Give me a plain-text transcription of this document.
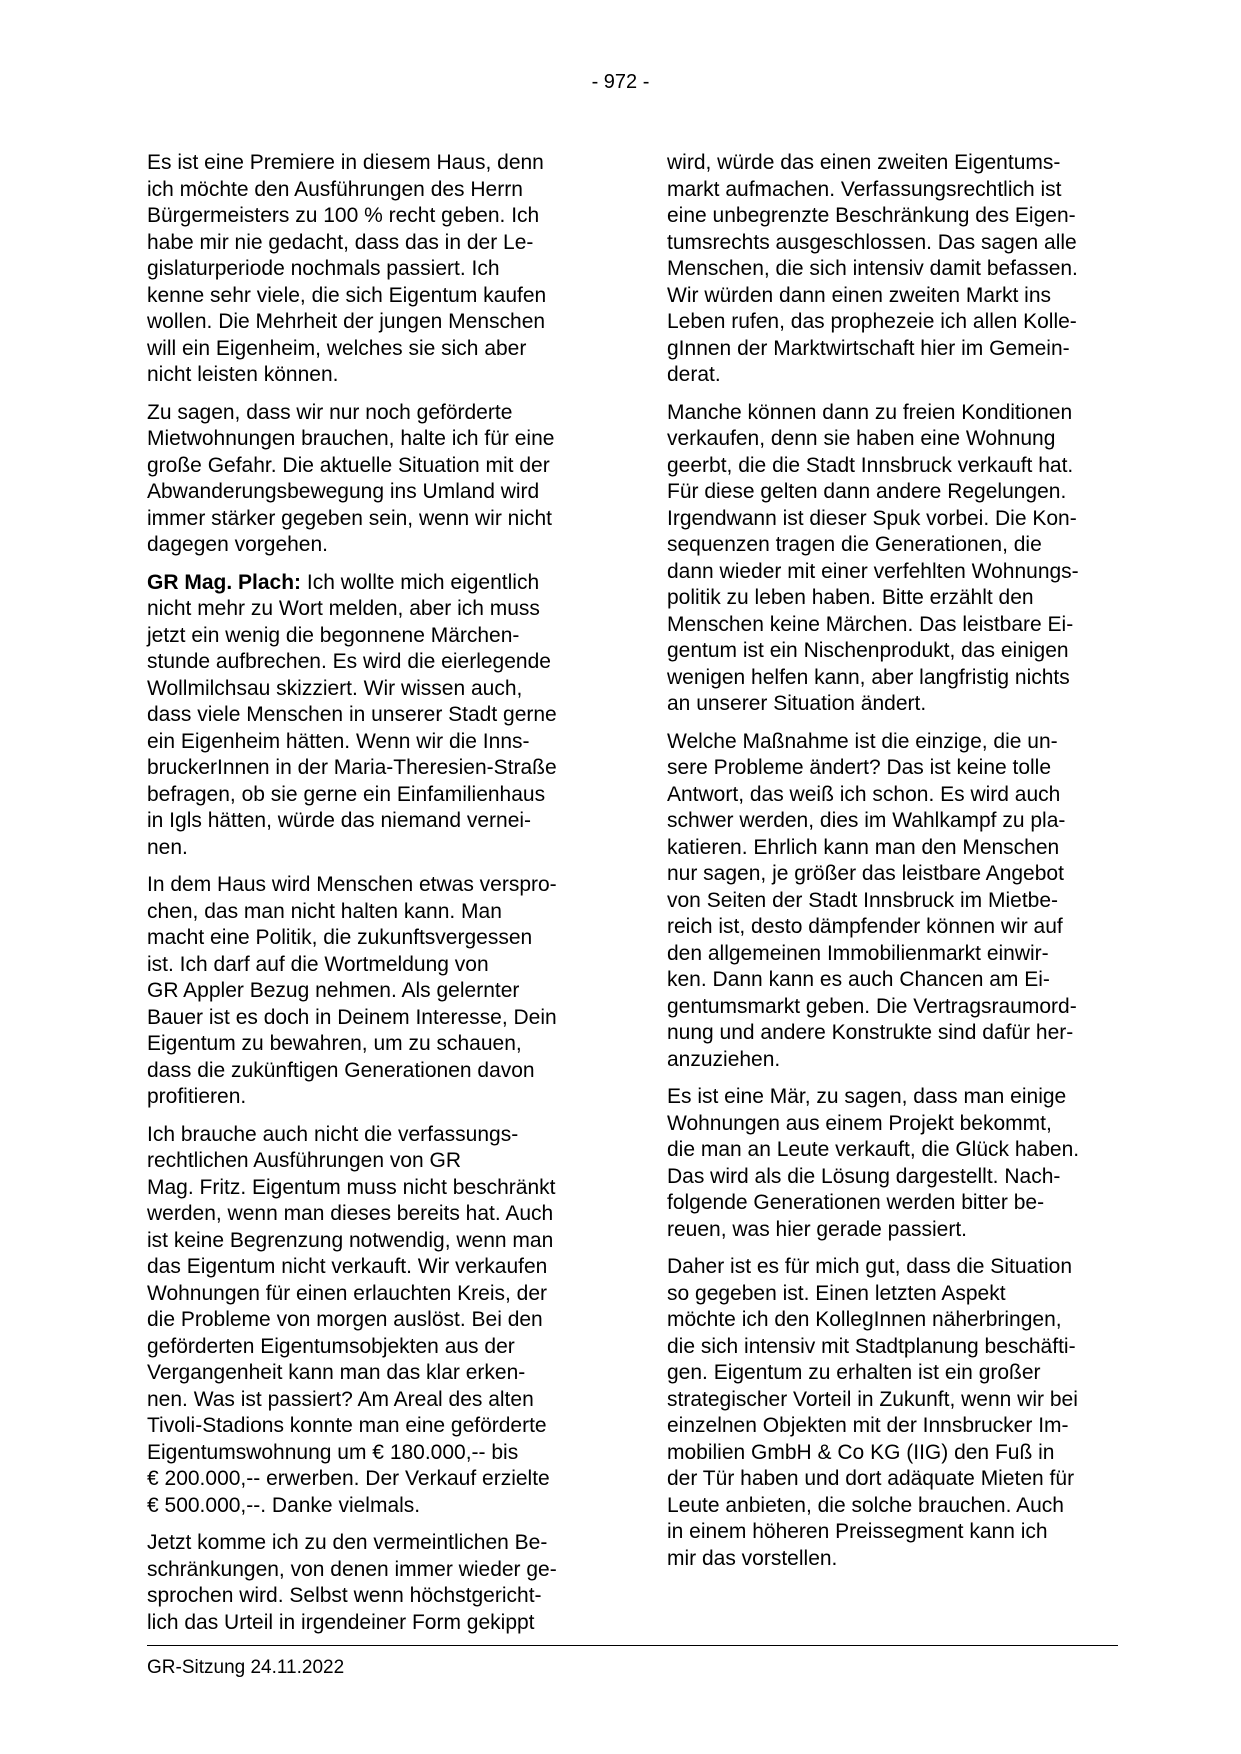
- 972 -

Es ist eine Premiere in diesem Haus, denn
ich möchte den Ausführungen des Herrn
Bürgermeisters zu 100 % recht geben. Ich
habe mir nie gedacht, dass das in der Le-
gislaturperiode nochmals passiert. Ich
kenne sehr viele, die sich Eigentum kaufen
wollen. Die Mehrheit der jungen Menschen
will ein Eigenheim, welches sie sich aber
nicht leisten können.

Zu sagen, dass wir nur noch geförderte
Mietwohnungen brauchen, halte ich für eine
große Gefahr. Die aktuelle Situation mit der
Abwanderungsbewegung ins Umland wird
immer stärker gegeben sein, wenn wir nicht
dagegen vorgehen.

GR Mag. Plach: Ich wollte mich eigentlich
nicht mehr zu Wort melden, aber ich muss
jetzt ein wenig die begonnene Märchen-
stunde aufbrechen. Es wird die eierlegende
Wollmilchsau skizziert. Wir wissen auch,
dass viele Menschen in unserer Stadt gerne
ein Eigenheim hätten. Wenn wir die Inns-
bruckerInnen in der Maria-Theresien-Straße
befragen, ob sie gerne ein Einfamilienhaus
in Igls hätten, würde das niemand vernei-
nen.

In dem Haus wird Menschen etwas verspro-
chen, das man nicht halten kann. Man
macht eine Politik, die zukunftsvergessen
ist. Ich darf auf die Wortmeldung von
GR Appler Bezug nehmen. Als gelernter
Bauer ist es doch in Deinem Interesse, Dein
Eigentum zu bewahren, um zu schauen,
dass die zukünftigen Generationen davon
profitieren.

Ich brauche auch nicht die verfassungs-
rechtlichen Ausführungen von GR
Mag. Fritz. Eigentum muss nicht beschränkt
werden, wenn man dieses bereits hat. Auch
ist keine Begrenzung notwendig, wenn man
das Eigentum nicht verkauft. Wir verkaufen
Wohnungen für einen erlauchten Kreis, der
die Probleme von morgen auslöst. Bei den
geförderten Eigentumsobjekten aus der
Vergangenheit kann man das klar erken-
nen. Was ist passiert? Am Areal des alten
Tivoli-Stadions konnte man eine geförderte
Eigentumswohnung um € 180.000,-- bis
€ 200.000,-- erwerben. Der Verkauf erzielte
€ 500.000,--. Danke vielmals.

Jetzt komme ich zu den vermeintlichen Be-
schränkungen, von denen immer wieder ge-
sprochen wird. Selbst wenn höchstgericht-
lich das Urteil in irgendeiner Form gekippt

wird, würde das einen zweiten Eigentums-
markt aufmachen. Verfassungsrechtlich ist
eine unbegrenzte Beschränkung des Eigen-
tumsrechts ausgeschlossen. Das sagen alle
Menschen, die sich intensiv damit befassen.
Wir würden dann einen zweiten Markt ins
Leben rufen, das prophezeie ich allen Kolle-
gInnen der Marktwirtschaft hier im Gemein-
derat.

Manche können dann zu freien Konditionen
verkaufen, denn sie haben eine Wohnung
geerbt, die die Stadt Innsbruck verkauft hat.
Für diese gelten dann andere Regelungen.
Irgendwann ist dieser Spuk vorbei. Die Kon-
sequenzen tragen die Generationen, die
dann wieder mit einer verfehlten Wohnungs-
politik zu leben haben. Bitte erzählt den
Menschen keine Märchen. Das leistbare Ei-
gentum ist ein Nischenprodukt, das einigen
wenigen helfen kann, aber langfristig nichts
an unserer Situation ändert.

Welche Maßnahme ist die einzige, die un-
sere Probleme ändert? Das ist keine tolle
Antwort, das weiß ich schon. Es wird auch
schwer werden, dies im Wahlkampf zu pla-
katieren. Ehrlich kann man den Menschen
nur sagen, je größer das leistbare Angebot
von Seiten der Stadt Innsbruck im Mietbe-
reich ist, desto dämpfender können wir auf
den allgemeinen Immobilienmarkt einwir-
ken. Dann kann es auch Chancen am Ei-
gentumsmarkt geben. Die Vertragsraumord-
nung und andere Konstrukte sind dafür her-
anzuziehen.

Es ist eine Mär, zu sagen, dass man einige
Wohnungen aus einem Projekt bekommt,
die man an Leute verkauft, die Glück haben.
Das wird als die Lösung dargestellt. Nach-
folgende Generationen werden bitter be-
reuen, was hier gerade passiert.

Daher ist es für mich gut, dass die Situation
so gegeben ist. Einen letzten Aspekt
möchte ich den KollegInnen näherbringen,
die sich intensiv mit Stadtplanung beschäfti-
gen. Eigentum zu erhalten ist ein großer
strategischer Vorteil in Zukunft, wenn wir bei
einzelnen Objekten mit der Innsbrucker Im-
mobilien GmbH & Co KG (IIG) den Fuß in
der Tür haben und dort adäquate Mieten für
Leute anbieten, die solche brauchen. Auch
in einem höheren Preissegment kann ich
mir das vorstellen.

GR-Sitzung 24.11.2022
